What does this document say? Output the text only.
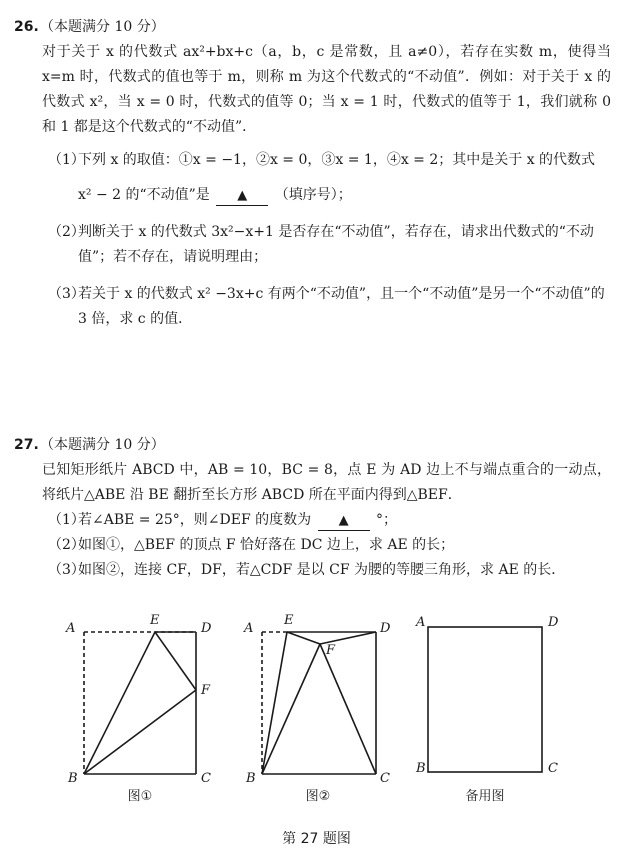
26. （本题满分 10 分）
对于关于 x 的代数式 ax²+bx+c（a，b，c 是常数，且 a≠0），若存在实数 m，使得当 x=m 时，代数式的值也等于 m，则称 m 为这个代数式的“不动值”．例如：对于关于 x 的代数式 x²，当 x = 0 时，代数式的值等 0；当 x = 1 时，代数式的值等于 1，我们就称 0 和 1 都是这个代数式的“不动值”．
（1）
下列 x 的取值：①x = −1，②x = 0，③x = 1，④x = 2；其中是关于 x 的代数式
x² − 2 的“不动值”是 ▲ （填序号）；
（2）
判断关于 x 的代数式 3x²−x+1 是否存在“不动值”，若存在，请求出代数式的“不动值”；若不存在，请说明理由；
（3）
若关于 x 的代数式 x² −3x+c 有两个“不动值”，且一个“不动值”是另一个“不动值”的 3 倍，求 c 的值．
27. （本题满分 10 分）
已知矩形纸片 ABCD 中，AB = 10，BC = 8，点 E 为 AD 边上不与端点重合的一动点，将纸片△ABE 沿 BE 翻折至长方形 ABCD 所在平面内得到△BEF．
（1）
若∠ABE = 25°，则∠DEF 的度数为 ▲ °；
（2）
如图①，△BEF 的顶点 F 恰好落在 DC 边上，求 AE 的长；
（3）
如图②，连接 CF，DF，若△CDF 是以 CF 为腰的等腰三角形，求 AE 的长．
A
E
D
F
B	C
A
E
D
F
B	C
A	D
B	C
图①	图②	备用图
第 27 题图
